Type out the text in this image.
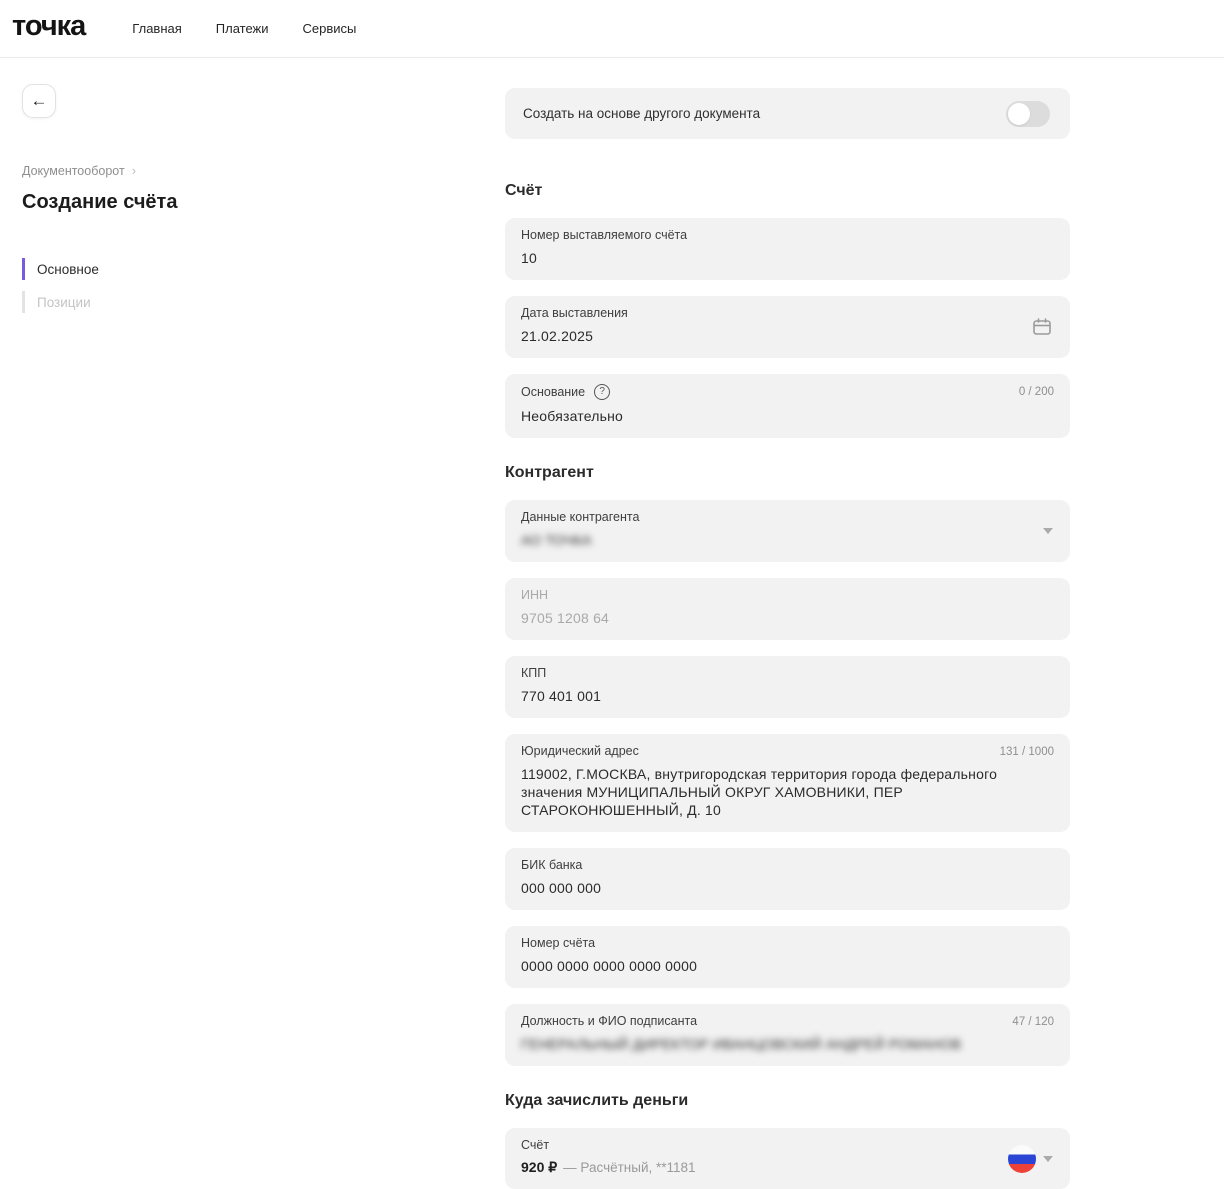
точка	Главная	Платежи	Сервисы
←
Документооборот ›
Создание счёта
Основное
Позиции
Создать на основе другого документа
Счёт
Номер выставляемого счёта
10
Дата выставления
21.02.2025
Основание	?
Необязательно
0 / 200
Контрагент
Данные контрагента
АО ТОЧКА
ИНН
9705 1208 64
КПП
770 401 001
Юридический адрес
119002, Г.МОСКВА, внутригородская территория города федерального значения МУНИЦИПАЛЬНЫЙ ОКРУГ ХАМОВНИКИ, ПЕР СТАРОКОНЮШЕННЫЙ, Д. 10
131 / 1000
БИК банка
000 000 000
Номер счёта
0000 0000 0000 0000 0000
Должность и ФИО подписанта
ГЕНЕРАЛЬНЫЙ ДИРЕКТОР ИВАНЦОВСКИЙ АНДРЕЙ РОМАНОВ
47 / 120
Куда зачислить деньги
Счёт
920 ₽ — Расчётный, **1181
